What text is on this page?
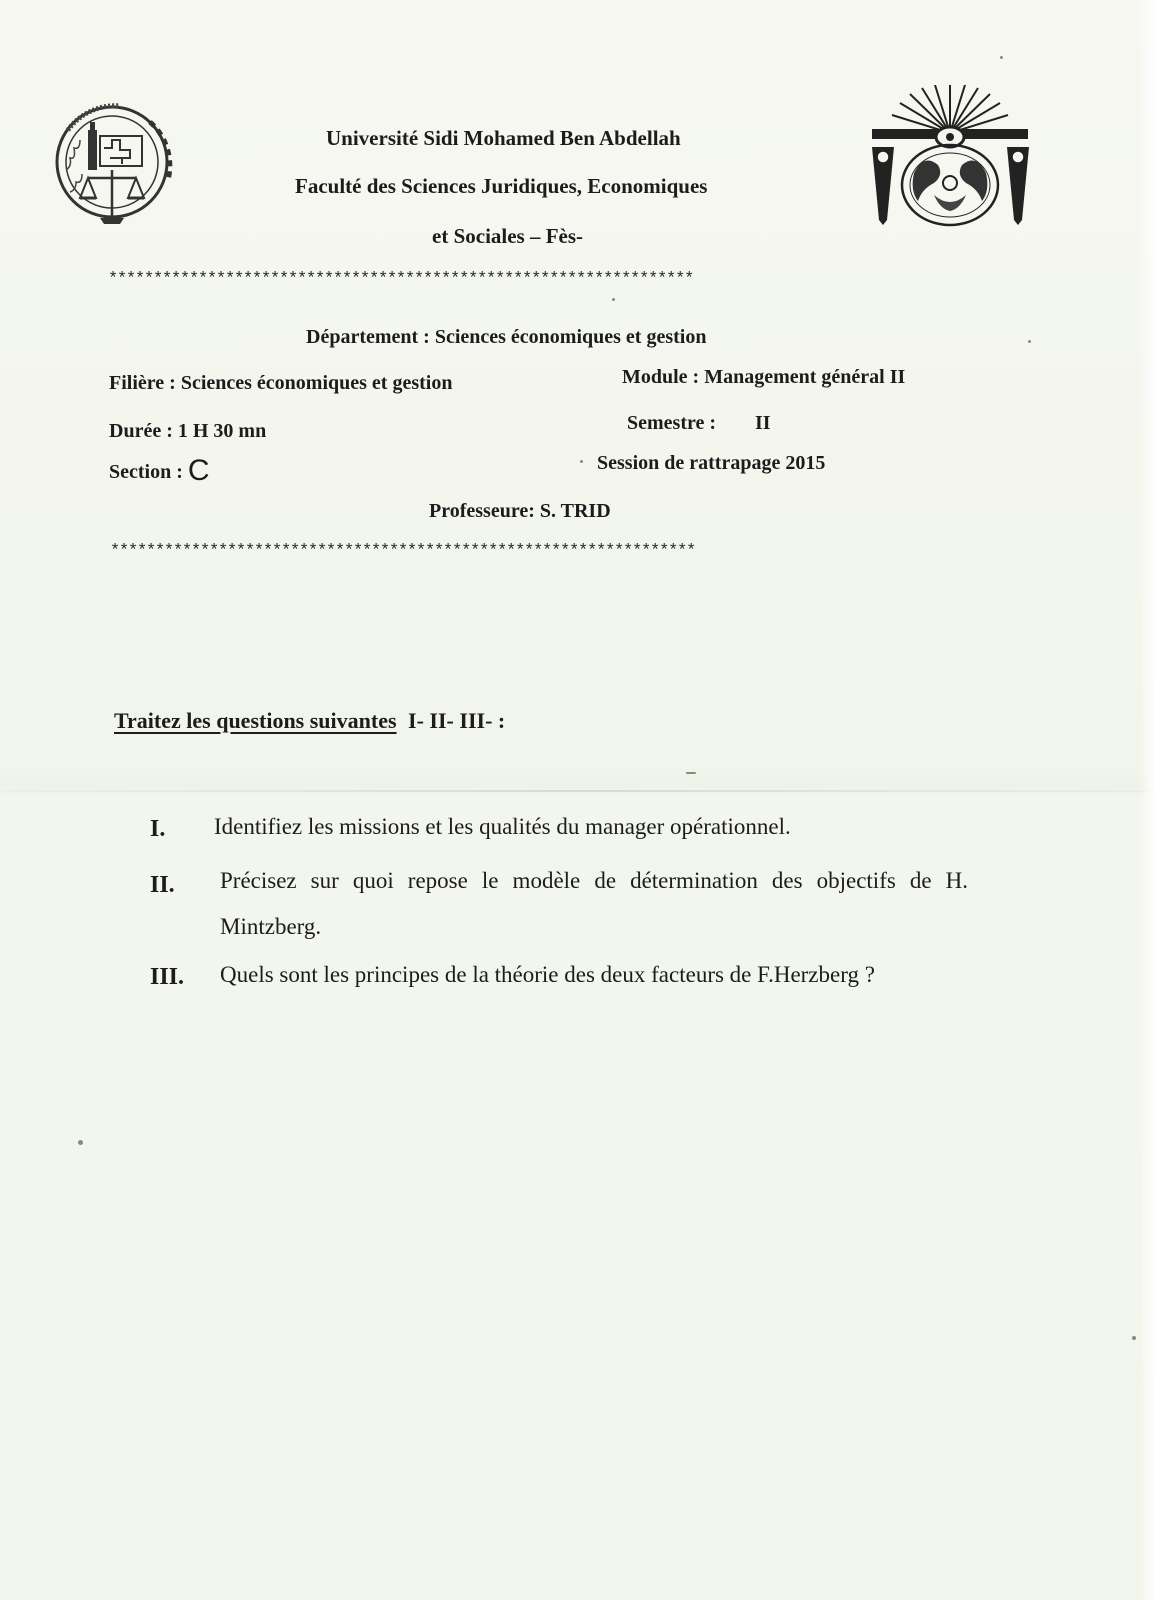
Université Sidi Mohamed Ben Abdellah
Faculté des Sciences Juridiques, Economiques
et Sociales – Fès-
*****************************************************************
Département : Sciences économiques et gestion
Filière : Sciences économiques et gestion	Module : Management général II
Durée : 1 H 30 mn	Semestre : II
Section : C	Session de rattrapage 2015
Professeure: S. TRID
*****************************************************************
Traitez les questions suivantes I- II- III- :
I. Identifiez les missions et les qualités du manager opérationnel.
II. Précisez sur quoi repose le modèle de détermination des objectifs de H. Mintzberg.
III. Quels sont les principes de la théorie des deux facteurs de F.Herzberg ?
